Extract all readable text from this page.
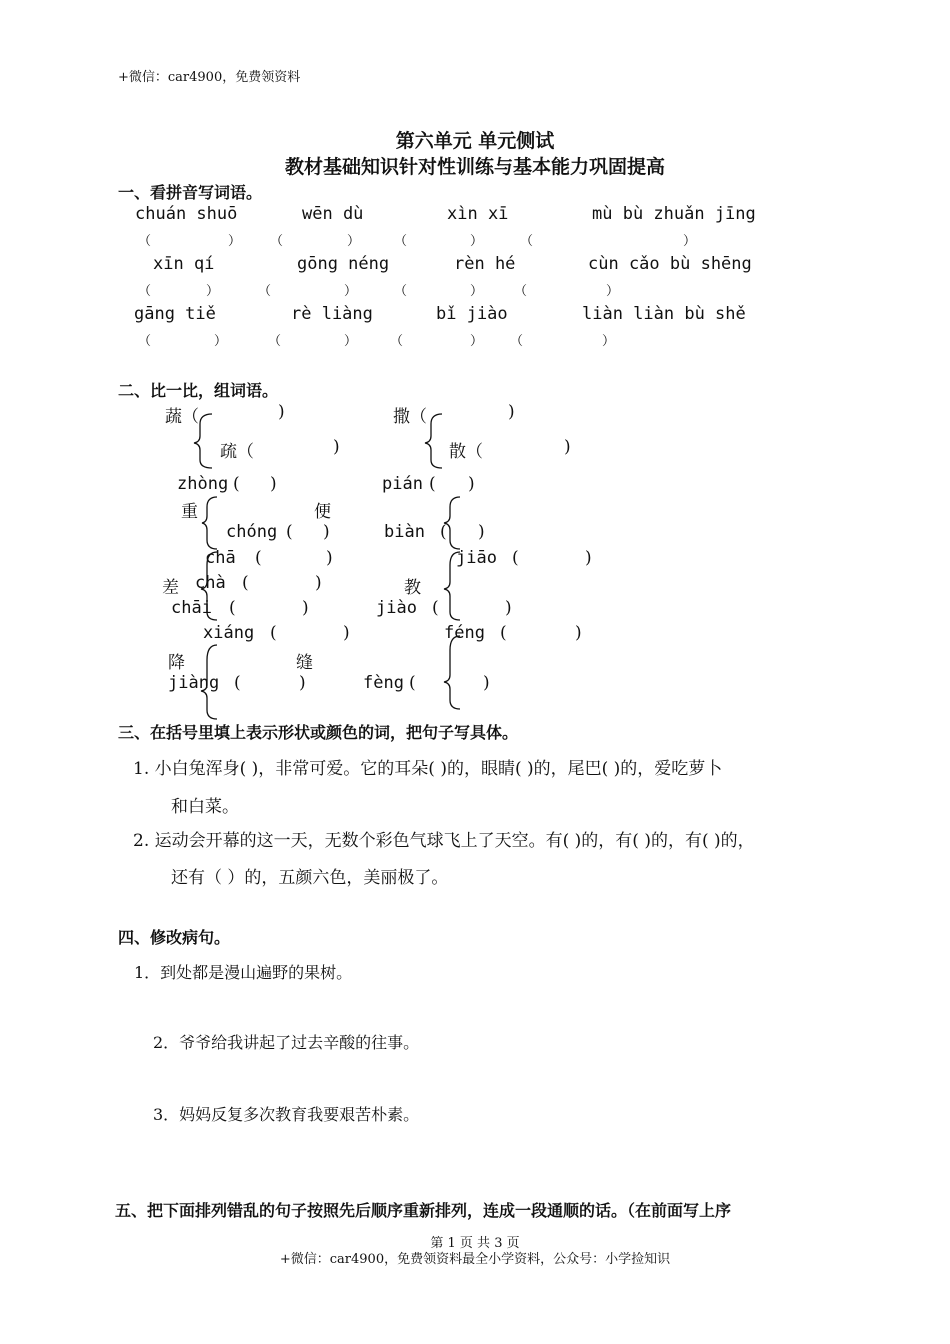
+微信：car4900，免费领资料
第六单元 单元侧试
教材基础知识针对性训练与基本能力巩固提高
一、看拼音写词语。
chuán shuō	wēn dù	xìn xī	mù bù zhuǎn jīng
（	） （	）	（	）	（	）
xīn qí	gōng néng	rèn hé	cùn cǎo bù shēng
（	）	（	）	（	） （	）
gāng tiě	rè liàng	bǐ jiào	liàn liàn bù shě
（	）	（	）	（	） （	）
二、比一比，组词语。
蔬（	)
疏（	)
撒（	)
散（	)
zhòng ( )
重
chóng ( )
pián ( )
便
biàn ( )
chā (	)
差 chà (	)
chāi (	)
jiāo (	)
教
jiào (	)
xiáng (	)
降
jiàng (	)
féng (	)
缝
fèng (	)
三、在括号里填上表示形状或颜色的词，把句子写具体。
1. 小白兔浑身( )，非常可爱。它的耳朵( )的，眼睛( )的，尾巴( )的，爱吃萝卜
和白菜。
2. 运动会开幕的这一天，无数个彩色气球飞上了天空。有( )的，有( )的，有( )的，
还有（ ）的，五颜六色，美丽极了。
四、修改病句。
1．到处都是漫山遍野的果树。
2．爷爷给我讲起了过去辛酸的往事。
3．妈妈反复多次教育我要艰苦朴素。
五、把下面排列错乱的句子按照先后顺序重新排列，连成一段通顺的话。（在前面写上序
第 1 页 共 3 页
+微信：car4900，免费领资料最全小学资料，公众号：小学捡知识
